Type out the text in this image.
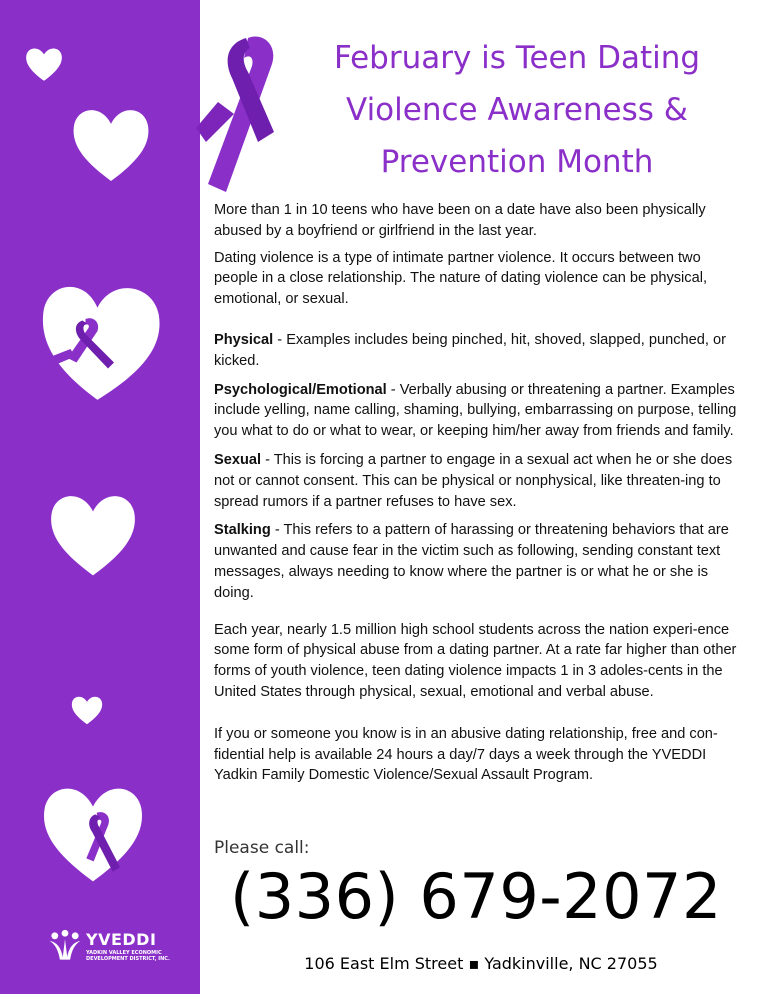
YVEDDI
YADKIN VALLEY ECONOMIC DEVELOPMENT DISTRICT, INC.
February is Teen Dating
Violence Awareness &
Prevention Month

More than 1 in 10 teens who have been on a date have also been physically abused by a boyfriend or girlfriend in the last year.

Dating violence is a type of intimate partner violence. It occurs between two people in a close relationship. The nature of dating violence can be physical, emotional, or sexual.

Physical - Examples includes being pinched, hit, shoved, slapped, punched, or kicked.

Psychological/Emotional - Verbally abusing or threatening a partner. Examples include yelling, name calling, shaming, bullying, embarrassing on purpose, telling you what to do or what to wear, or keeping him/her away from friends and family.

Sexual - This is forcing a partner to engage in a sexual act when he or she does not or cannot consent. This can be physical or nonphysical, like threaten-ing to spread rumors if a partner refuses to have sex.

Stalking - This refers to a pattern of harassing or threatening behaviors that are unwanted and cause fear in the victim such as following, sending constant text messages, always needing to know where the partner is or what he or she is doing.

Each year, nearly 1.5 million high school students across the nation experi-ence some form of physical abuse from a dating partner. At a rate far higher than other forms of youth violence, teen dating violence impacts 1 in 3 adoles-cents in the United States through physical, sexual, emotional and verbal abuse.

If you or someone you know is in an abusive dating relationship, free and con-fidential help is available 24 hours a day/7 days a week through the YVEDDI Yadkin Family Domestic Violence/Sexual Assault Program.

Please call:
(336) 679-2072
106 East Elm Street ▪ Yadkinville, NC 27055
